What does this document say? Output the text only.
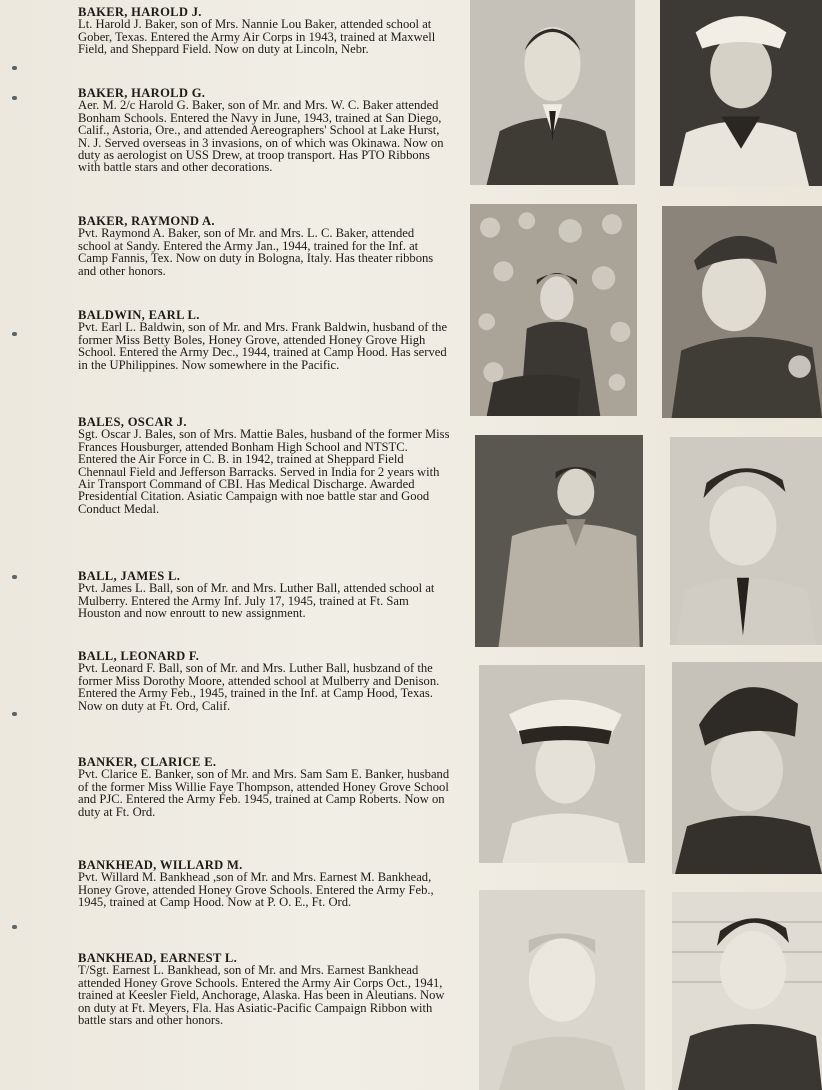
BAKER, HAROLD J.

Lt. Harold J. Baker, son of Mrs. Nannie Lou Baker, attended school at Gober, Texas. Entered the Army Air Corps in 1943, trained at Maxwell Field, and Sheppard Field. Now on duty at Lincoln, Nebr.

BAKER, HAROLD G.

Aer. M. 2/c Harold G. Baker, son of Mr. and Mrs. W. C. Baker attended Bonham Schools. Entered the Navy in June, 1943, trained at San Diego, Calif., Astoria, Ore., and attended Aereographers' School at Lake Hurst, N. J. Served overseas in 3 invasions, on of which was Okinawa. Now on duty as aerologist on USS Drew, at troop transport. Has PTO Ribbons with battle stars and other decorations.

BAKER, RAYMOND A.

Pvt. Raymond A. Baker, son of Mr. and Mrs. L. C. Baker, attended school at Sandy. Entered the Army Jan., 1944, trained for the Inf. at Camp Fannis, Tex. Now on duty in Bologna, Italy. Has theater ribbons and other honors.

BALDWIN, EARL L.

Pvt. Earl L. Baldwin, son of Mr. and Mrs. Frank Baldwin, husband of the former Miss Betty Boles, Honey Grove, attended Honey Grove High School. Entered the Army Dec., 1944, trained at Camp Hood. Has served in the UPhilippines. Now somewhere in the Pacific.

BALES, OSCAR J.

Sgt. Oscar J. Bales, son of Mrs. Mattie Bales, husband of the former Miss Frances Housburger, attended Bonham High School and NTSTC. Entered the Air Force in C. B. in 1942, trained at Sheppard Field Chennaul Field and Jefferson Barracks. Served in India for 2 years with Air Transport Command of CBI. Has Medical Discharge. Awarded Presidential Citation. Asiatic Campaign with noe battle star and Good Conduct Medal.

BALL, JAMES L.

Pvt. James L. Ball, son of Mr. and Mrs. Luther Ball, attended school at Mulberry. Entered the Army Inf. July 17, 1945, trained at Ft. Sam Houston and now enroutt to new assignment.

BALL, LEONARD F.

Pvt. Leonard F. Ball, son of Mr. and Mrs. Luther Ball, husbzand of the former Miss Dorothy Moore, attended school at Mulberry and Denison. Entered the Army Feb., 1945, trained in the Inf. at Camp Hood, Texas. Now on duty at Ft. Ord, Calif.

BANKER, CLARICE E.

Pvt. Clarice E. Banker, son of Mr. and Mrs. Sam Sam E. Banker, husband of the former Miss Willie Faye Thompson, attended Honey Grove School and PJC. Entered the Army Feb. 1945, trained at Camp Roberts. Now on duty at Ft. Ord.

BANKHEAD, WILLARD M.

Pvt. Willard M. Bankhead ,son of Mr. and Mrs. Earnest M. Bankhead, Honey Grove, attended Honey Grove Schools. Entered the Army Feb., 1945, trained at Camp Hood. Now at P. O. E., Ft. Ord.

BANKHEAD, EARNEST L.

T/Sgt. Earnest L. Bankhead, son of Mr. and Mrs. Earnest Bankhead attended Honey Grove Schools. Entered the Army Air Corps Oct., 1941, trained at Keesler Field, Anchorage, Alaska. Has been in Aleutians. Now on duty at Ft. Meyers, Fla. Has Asiatic-Pacific Campaign Ribbon with battle stars and other honors.
